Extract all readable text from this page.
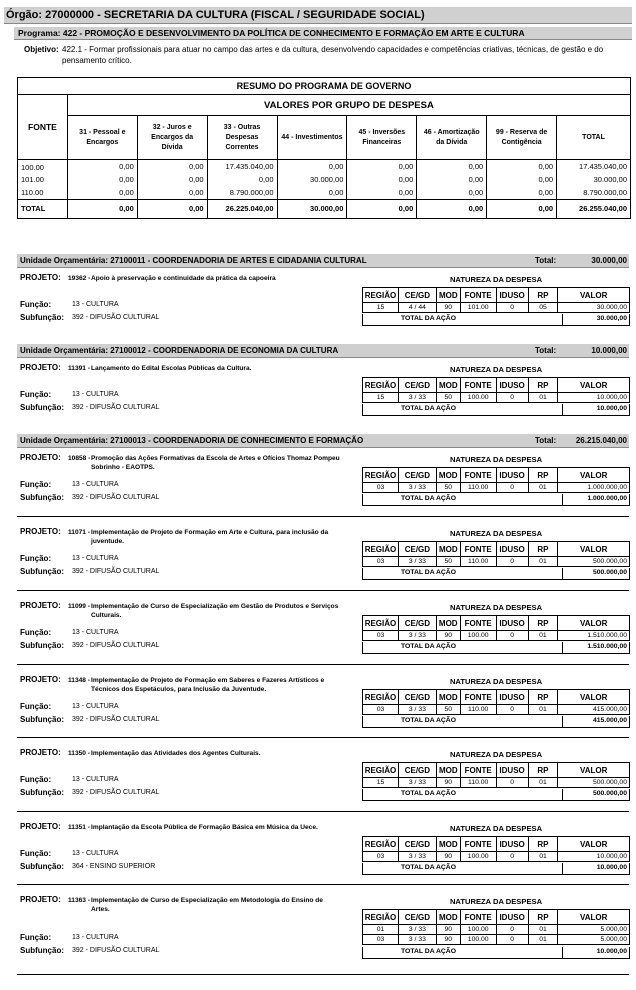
Órgão: 27000000 - SECRETARIA DA CULTURA (FISCAL / SEGURIDADE SOCIAL)
Programa: 422 - PROMOÇÃO E DESENVOLVIMENTO DA POLÍTICA DE CONHECIMENTO E FORMAÇÃO EM ARTE E CULTURA
Objetivo: 422.1 - Formar profissionais para atuar no campo das artes e da cultura, desenvolvendo capacidades e competências criativas, técnicas, de gestão e do pensamento crítico.
RESUMO DO PROGRAMA DE GOVERNO								
FONTE	VALORES POR GRUPO DE DESPESA							
	31 - Pessoal e Encargos	32 - Juros e Encargos da Dívida	33 - Outras Despesas Correntes	44 - Investimentos	45 - Inversões Financeiras	46 - Amortização da Dívida	99 - Reserva de Contigência	TOTAL
100.00	0,00	0,00	17.435.040,00	0,00	0,00	0,00	0,00	17.435.040,00
101.00	0,00	0,00	0,00	30.000,00	0,00	0,00	0,00	30.000,00
110.00	0,00	0,00	8.790.000,00	0,00	0,00	0,00	0,00	8.790.000,00
TOTAL	0,00	0,00	26.225.040,00	30.000,00	0,00	0,00	0,00	26.255.040,00
Unidade Orçamentária: 27100011 - COORDENADORIA DE ARTES E CIDADANIA CULTURAL	Total:	30.000,00
Unidade Orçamentária: 27100012 - COORDENADORIA DE ECONOMIA DA CULTURA	Total:	10.000,00
Unidade Orçamentária: 27100013 - COORDENADORIA DE CONHECIMENTO E FORMAÇÃO	Total: 26.215.040,00
PROJETO: 19362 - Apoio à preservação e continuidade da prática da capoeira	NATUREZA DA DESPESA
REGIÃO	CE/GD	MOD	FONTE	IDUSO	RP	VALOR
15	4 / 44	90	101.00	0	05	30.000,00
TOTAL DA AÇÃO	30.000,00
Função:	13 - CULTURA
Subfunção: 392 - DIFUSÃO CULTURAL
PROJETO: 11391 - Lançamento do Edital Escolas Públicas da Cultura.	NATUREZA DA DESPESA
REGIÃO	CE/GD	MOD	FONTE	IDUSO	RP	VALOR
15	3 / 33	50	100.00	0	01	10.000,00
TOTAL DA AÇÃO	10.000,00
Função:	13 - CULTURA
Subfunção: 392 - DIFUSÃO CULTURAL
PROJETO: 10858 - Promoção das Ações Formativas da Escola de Artes e Ofícios Thomaz Pompeu Sobrinho - EAOTPS.
NATUREZA DA DESPESA
REGIÃO	CE/GD	MOD	FONTE	IDUSO	RP	VALOR
03	3 / 33	50	110.00	0	01	1.000.000,00
TOTAL DA AÇÃO	1.000.000,00
Função:	13 - CULTURA
Subfunção: 392 - DIFUSÃO CULTURAL
PROJETO: 11071 - Implementação de Projeto de Formação em Arte e Cultura, para inclusão da juventude.
NATUREZA DA DESPESA
REGIÃO	CE/GD	MOD	FONTE	IDUSO	RP	VALOR
03	3 / 33	50	110.00	0	01	500.000,00
TOTAL DA AÇÃO	500.000,00
Função:	13 - CULTURA
Subfunção: 392 - DIFUSÃO CULTURAL
PROJETO: 11099 - Implementação de Curso de Especialização em Gestão de Produtos e Serviços Culturais.
NATUREZA DA DESPESA
REGIÃO	CE/GD	MOD	FONTE	IDUSO	RP	VALOR
03	3 / 33	90	100.00	0	01	1.510.000,00
TOTAL DA AÇÃO	1.510.000,00
Função:	13 - CULTURA
Subfunção: 392 - DIFUSÃO CULTURAL
PROJETO: 11348 - Implementação de Projeto de Formação em Saberes e Fazeres Artísticos e Técnicos dos Espetáculos, para Inclusão da Juventude.
NATUREZA DA DESPESA
REGIÃO	CE/GD	MOD	FONTE	IDUSO	RP	VALOR
03	3 / 33	50	110.00	0	01	415.000,00
TOTAL DA AÇÃO	415.000,00
Função:	13 - CULTURA
Subfunção: 392 - DIFUSÃO CULTURAL
PROJETO: 11350 - Implementação das Atividades dos Agentes Culturais.	NATUREZA DA DESPESA
REGIÃO	CE/GD	MOD	FONTE	IDUSO	RP	VALOR
15	3 / 33	90	110.00	0	01	500.000,00
TOTAL DA AÇÃO	500.000,00
Função:	13 - CULTURA
Subfunção: 392 - DIFUSÃO CULTURAL
PROJETO: 11351 - Implantação da Escola Pública de Formação Básica em Música da Uece.	NATUREZA DA DESPESA
REGIÃO	CE/GD	MOD	FONTE	IDUSO	RP	VALOR
03	3 / 33	90	100.00	0	01	10.000,00
TOTAL DA AÇÃO	10.000,00
Função:	13 - CULTURA
Subfunção: 364 - ENSINO SUPERIOR
PROJETO: 11363 - Implementação de Curso de Especialização em Metodologia do Ensino de Artes.
NATUREZA DA DESPESA
REGIÃO	CE/GD	MOD	FONTE	IDUSO	RP	VALOR
01	3 / 33	90	100.00	0	01	5.000,00
03	3 / 33	90	100.00	0	01	5.000,00
TOTAL DA AÇÃO	10.000,00
Função:	13 - CULTURA
Subfunção: 392 - DIFUSÃO CULTURAL
